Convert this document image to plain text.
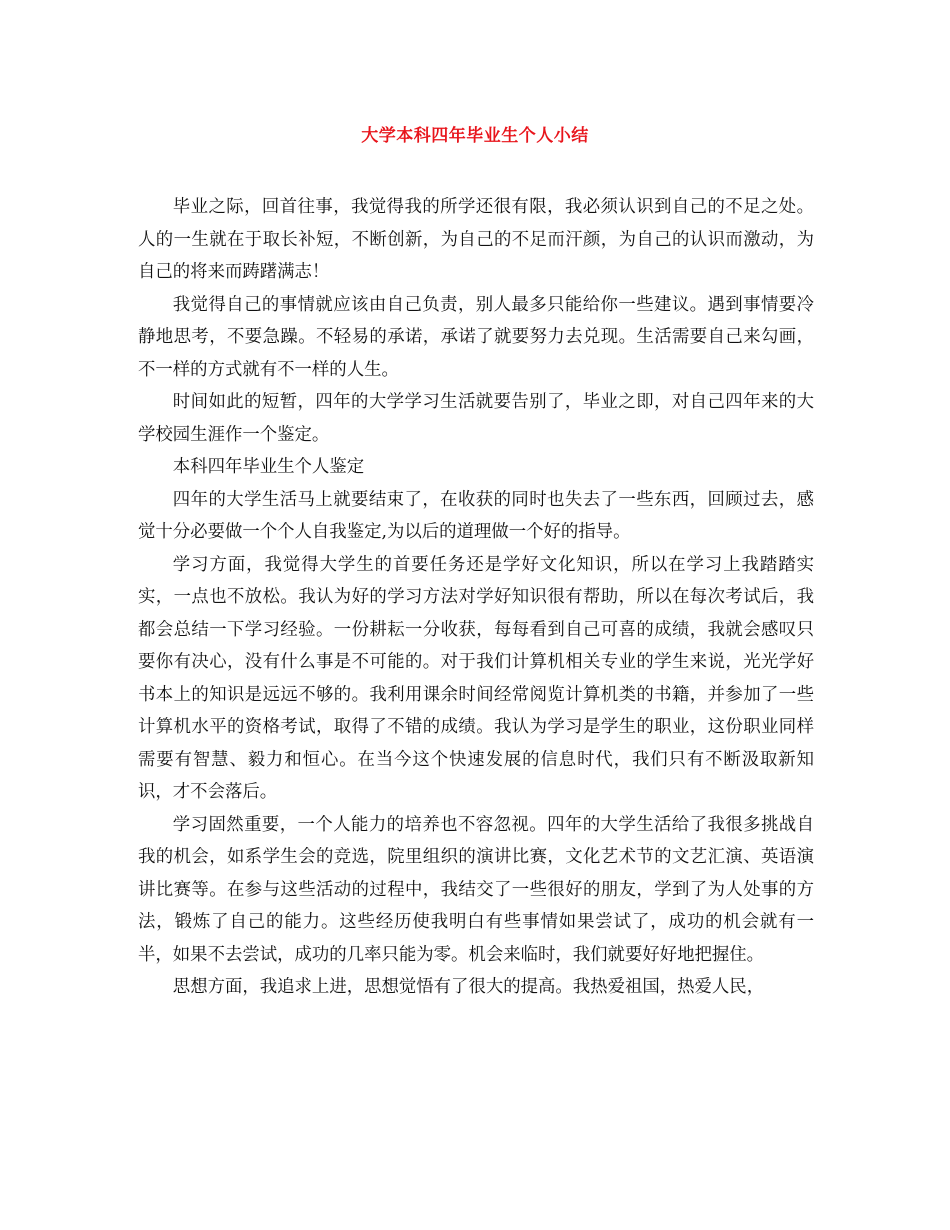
大学本科四年毕业生个人小结

毕业之际，回首往事，我觉得我的所学还很有限，我必须认识到自己的不足之处。人的一生就在于取长补短，不断创新，为自己的不足而汗颜，为自己的认识而激动，为自己的将来而踌躇满志！

我觉得自己的事情就应该由自己负责，别人最多只能给你一些建议。遇到事情要冷静地思考，不要急躁。不轻易的承诺，承诺了就要努力去兑现。生活需要自己来勾画，不一样的方式就有不一样的人生。

时间如此的短暂，四年的大学学习生活就要告别了，毕业之即，对自己四年来的大学校园生涯作一个鉴定。

本科四年毕业生个人鉴定

四年的大学生活马上就要结束了，在收获的同时也失去了一些东西，回顾过去，感觉十分必要做一个个人自我鉴定,为以后的道理做一个好的指导。

学习方面，我觉得大学生的首要任务还是学好文化知识，所以在学习上我踏踏实实，一点也不放松。我认为好的学习方法对学好知识很有帮助，所以在每次考试后，我都会总结一下学习经验。一份耕耘一分收获，每每看到自己可喜的成绩，我就会感叹只要你有决心，没有什么事是不可能的。对于我们计算机相关专业的学生来说，光光学好书本上的知识是远远不够的。我利用课余时间经常阅览计算机类的书籍，并参加了一些计算机水平的资格考试，取得了不错的成绩。我认为学习是学生的职业，这份职业同样需要有智慧、毅力和恒心。在当今这个快速发展的信息时代，我们只有不断汲取新知识，才不会落后。

学习固然重要，一个人能力的培养也不容忽视。四年的大学生活给了我很多挑战自我的机会，如系学生会的竞选，院里组织的演讲比赛，文化艺术节的文艺汇演、英语演讲比赛等。在参与这些活动的过程中，我结交了一些很好的朋友，学到了为人处事的方法，锻炼了自己的能力。这些经历使我明白有些事情如果尝试了，成功的机会就有一半，如果不去尝试，成功的几率只能为零。机会来临时，我们就要好好地把握住。

思想方面，我追求上进，思想觉悟有了很大的提高。我热爱祖国，热爱人民，
